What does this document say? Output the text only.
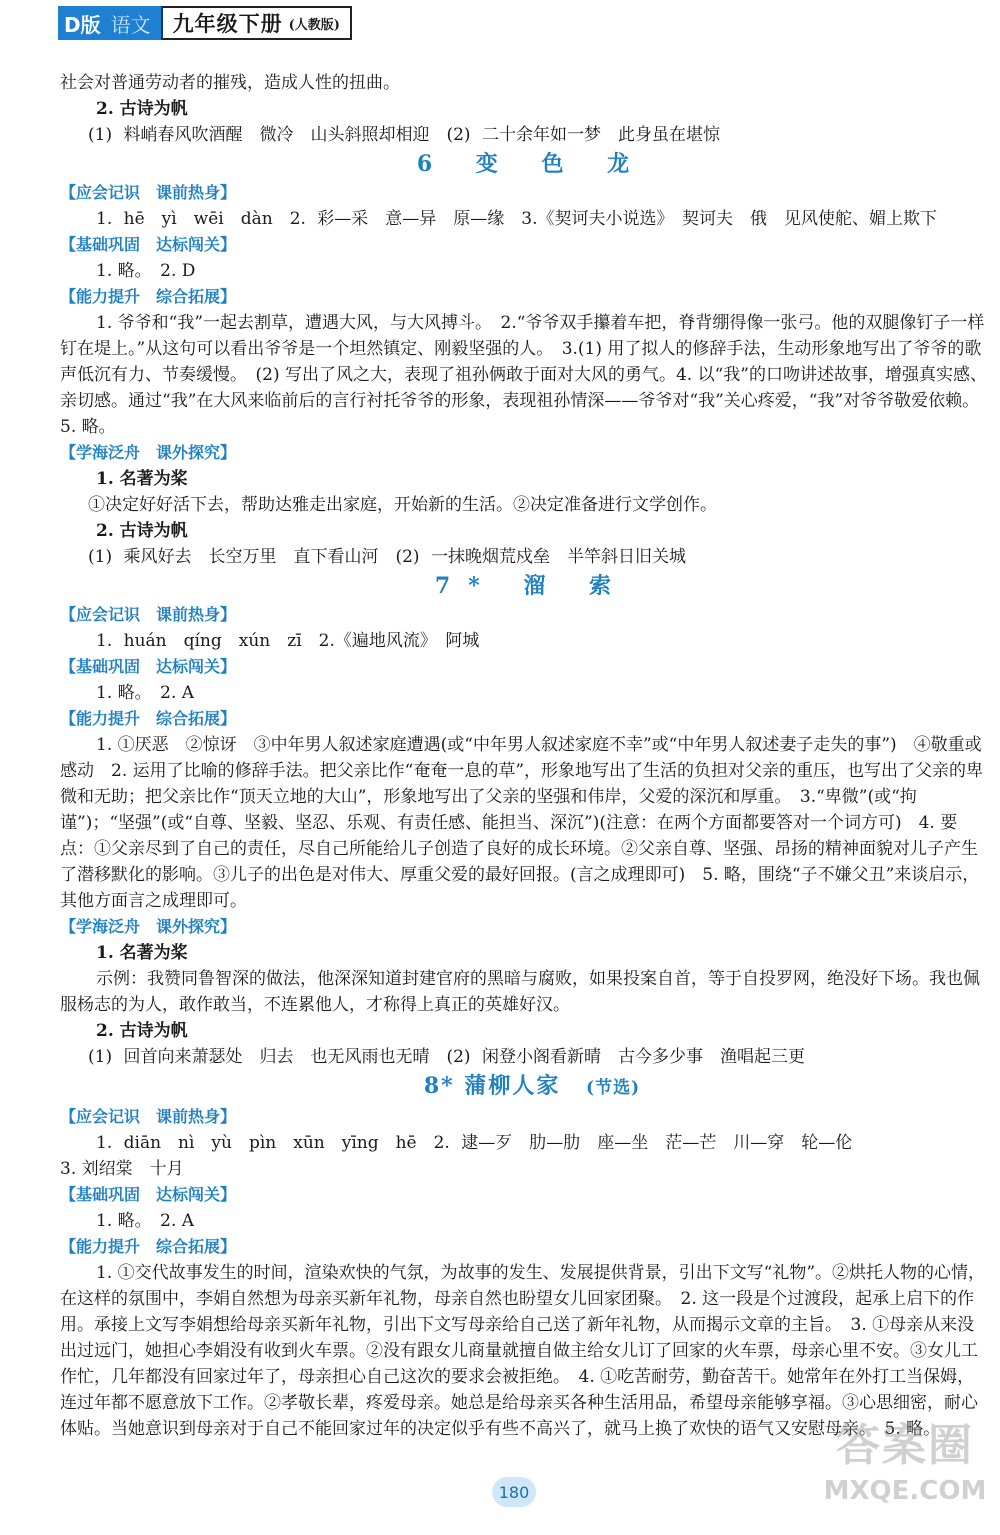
D版 语文	九年级下册 (人教版)

社会对普通劳动者的摧残，造成人性的扭曲。

2. 古诗为帆

(1) 料峭春风吹酒醒　微冷　山头斜照却相迎　(2) 二十余年如一梦　此身虽在堪惊

6 变 色 龙

【应会记识　课前热身】

1. hē　yì　wēi　dàn　2. 彩—采　意—异　原—缘　3.《契诃夫小说选》　契诃夫　俄　见风使舵、媚上欺下

【基础巩固　达标闯关】

1. 略。　2. D

【能力提升　综合拓展】

1. 爷爷和“我”一起去割草，遭遇大风，与大风搏斗。　2.“爷爷双手攥着车把，脊背绷得像一张弓。他的双腿像钉子一样钉在堤上。”从这句可以看出爷爷是一个坦然镇定、刚毅坚强的人。　3.(1) 用了拟人的修辞手法，生动形象地写出了爷爷的歌声低沉有力、节奏缓慢。　(2) 写出了风之大，表现了祖孙俩敢于面对大风的勇气。4. 以“我”的口吻讲述故事，增强真实感、亲切感。通过“我”在大风来临前后的言行衬托爷爷的形象，表现祖孙情深——爷爷对“我”关心疼爱，“我”对爷爷敬爱依赖。　5. 略。

【学海泛舟　课外探究】

1. 名著为桨

①决定好好活下去，帮助达雅走出家庭，开始新的生活。②决定准备进行文学创作。

2. 古诗为帆

(1) 乘风好去　长空万里　直下看山河　(2) 一抹晚烟荒戍垒　半竿斜日旧关城

7* 溜 索

【应会记识　课前热身】

1. huán　qíng　xún　zī　2.《遍地风流》　阿城

【基础巩固　达标闯关】

1. 略。　2. A

【能力提升　综合拓展】

1. ①厌恶　②惊讶　③中年男人叙述家庭遭遇(或“中年男人叙述家庭不幸”或“中年男人叙述妻子走失的事”)　④敬重或感动　2. 运用了比喻的修辞手法。把父亲比作“奄奄一息的草”，形象地写出了生活的负担对父亲的重压，也写出了父亲的卑微和无助；把父亲比作“顶天立地的大山”，形象地写出了父亲的坚强和伟岸，父爱的深沉和厚重。　3.“卑微”(或“拘谨”)；“坚强”(或“自尊、坚毅、坚忍、乐观、有责任感、能担当、深沉”)(注意：在两个方面都要答对一个词方可)　4. 要点：①父亲尽到了自己的责任，尽自己所能给儿子创造了良好的成长环境。②父亲自尊、坚强、昂扬的精神面貌对儿子产生了潜移默化的影响。③儿子的出色是对伟大、厚重父爱的最好回报。(言之成理即可)　5. 略，围绕“子不嫌父丑”来谈启示，其他方面言之成理即可。

【学海泛舟　课外探究】

1. 名著为桨

示例：我赞同鲁智深的做法，他深深知道封建官府的黑暗与腐败，如果投案自首，等于自投罗网，绝没好下场。我也佩服杨志的为人，敢作敢当，不连累他人，才称得上真正的英雄好汉。

2. 古诗为帆

(1) 回首向来萧瑟处　归去　也无风雨也无晴　(2) 闲登小阁看新晴　古今多少事　渔唱起三更

8* 蒲柳人家 (节选)

【应会记识　课前热身】

1. diān　nì　yù　pìn　xūn　yīng　hē　2. 逮—歹　肋—肋　座—坐　茫—芒　川—穿　轮—伦

3. 刘绍棠　十月

【基础巩固　达标闯关】

1. 略。　2. A

【能力提升　综合拓展】

1. ①交代故事发生的时间，渲染欢快的气氛，为故事的发生、发展提供背景，引出下文写“礼物”。②烘托人物的心情，在这样的氛围中，李娟自然想为母亲买新年礼物，母亲自然也盼望女儿回家团聚。　2. 这一段是个过渡段，起承上启下的作用。承接上文写李娟想给母亲买新年礼物，引出下文写母亲给自己送了新年礼物，从而揭示文章的主旨。　3. ①母亲从来没出过远门，她担心李娟没有收到火车票。②没有跟女儿商量就擅自做主给女儿订了回家的火车票，母亲心里不安。③女儿工作忙，几年都没有回家过年了，母亲担心自己这次的要求会被拒绝。　4. ①吃苦耐劳，勤奋苦干。她常年在外打工当保姆，连过年都不愿意放下工作。②孝敬长辈，疼爱母亲。她总是给母亲买各种生活用品，希望母亲能够享福。③心思细密，耐心体贴。当她意识到母亲对于自己不能回家过年的决定似乎有些不高兴了，就马上换了欢快的语气又安慰母亲。　5. 略。

180
答案圈
MXQE.COM
